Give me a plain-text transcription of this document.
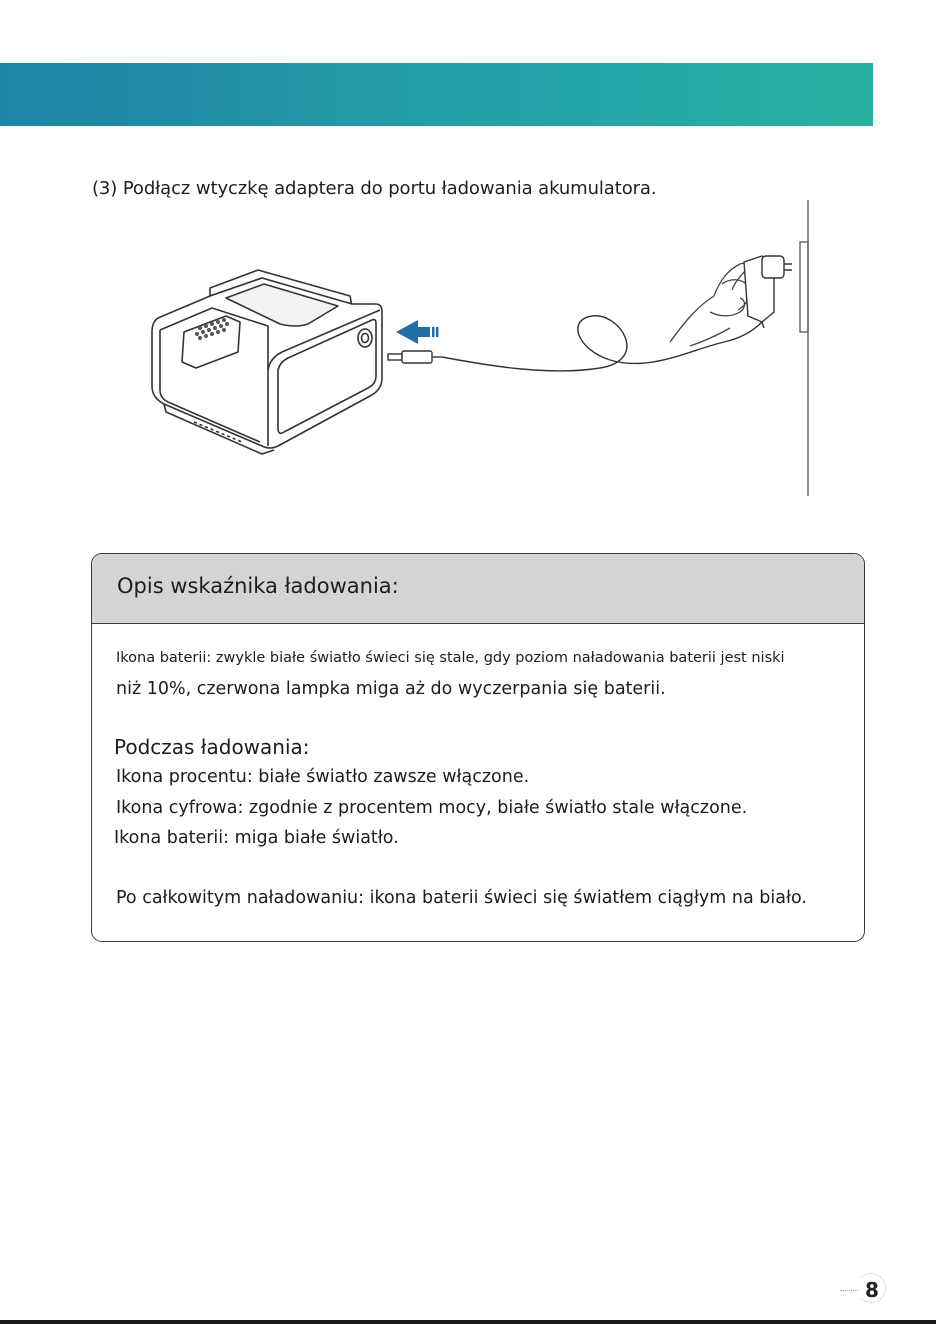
(3) Podłącz wtyczkę adaptera do portu ładowania akumulatora.
Opis wskaźnika ładowania:
Ikona baterii: zwykle białe światło świeci się stale, gdy poziom naładowania baterii jest niski
niż 10%, czerwona lampka miga aż do wyczerpania się baterii.
Podczas ładowania:
Ikona procentu: białe światło zawsze włączone.
Ikona cyfrowa: zgodnie z procentem mocy, białe światło stale włączone.
Ikona baterii: miga białe światło.
Po całkowitym naładowaniu: ikona baterii świeci się światłem ciągłym na biało.
8
